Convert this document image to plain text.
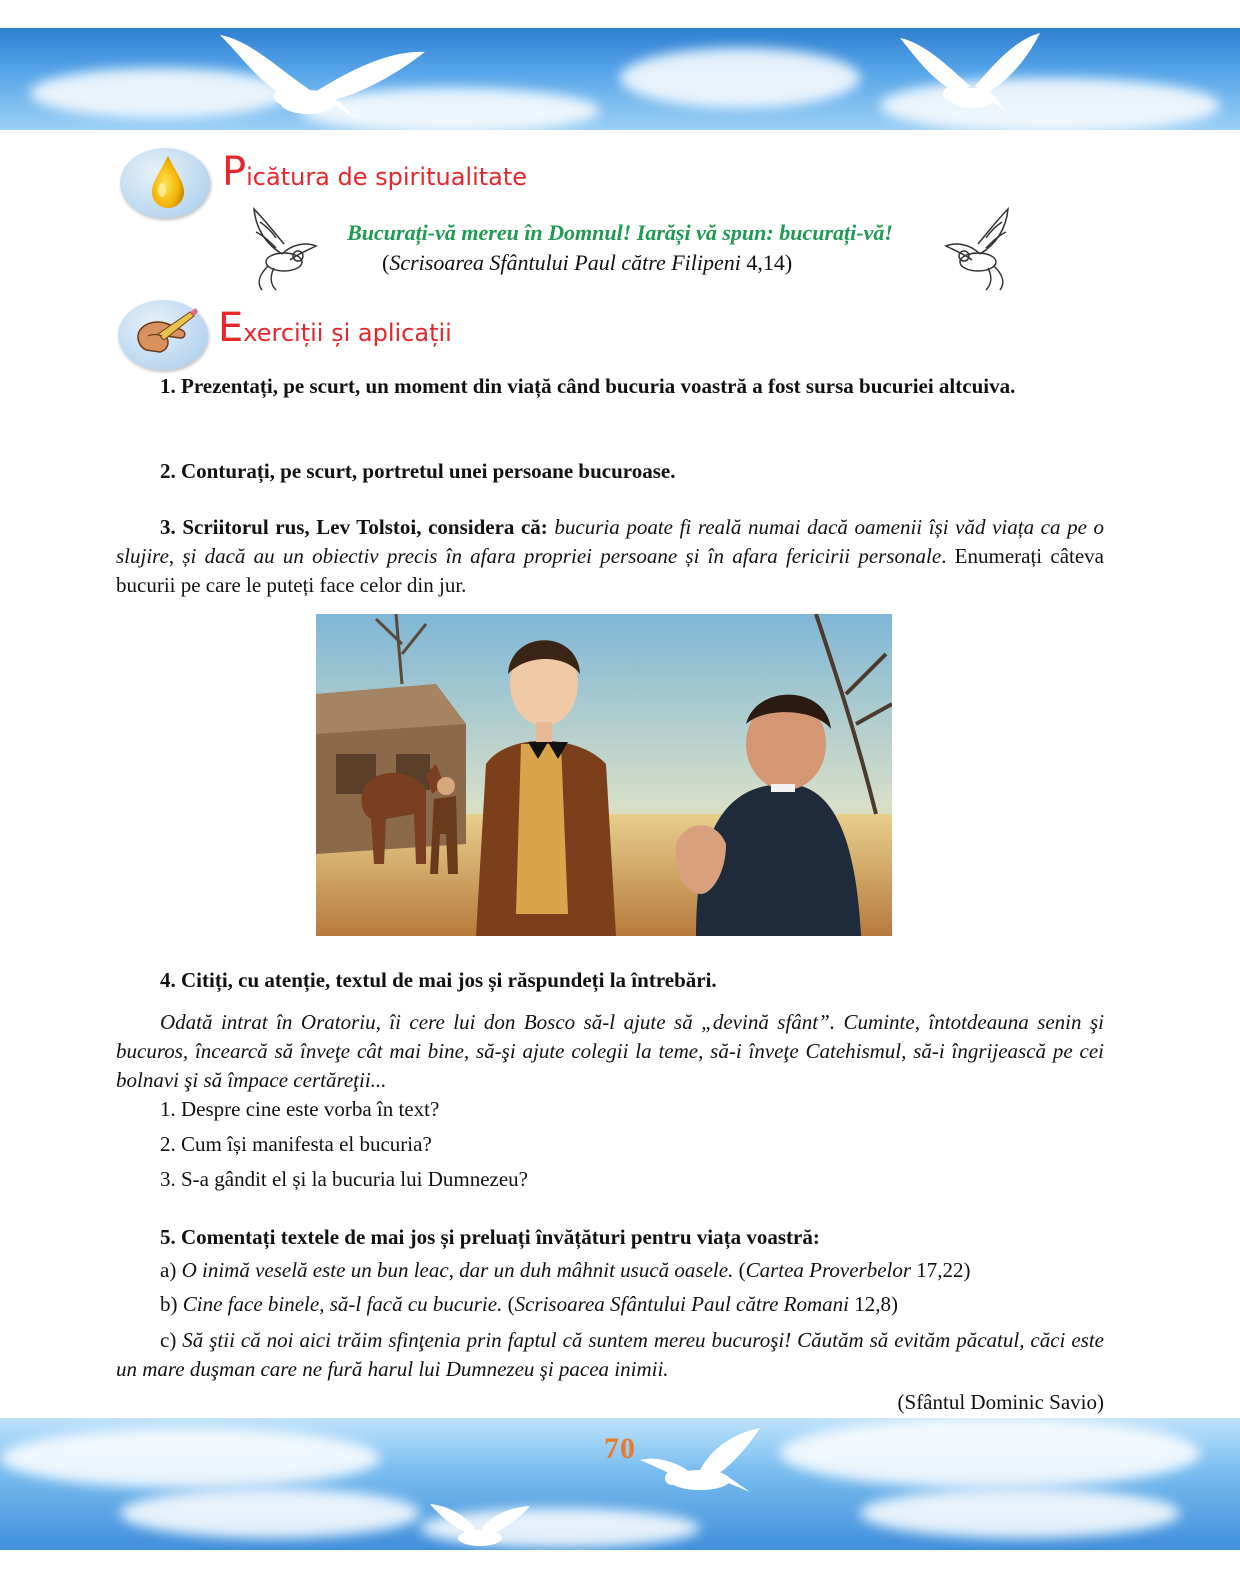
Picătura de spiritualitate
Bucurați-vă mereu în Domnul! Iarăși vă spun: bucurați-vă!
(Scrisoarea Sfântului Paul către Filipeni 4,14)
Exerciții și aplicații
1. Prezentați, pe scurt, un moment din viață când bucuria voastră a fost sursa bucuriei altcuiva.
2. Conturați, pe scurt, portretul unei persoane bucuroase.
3. Scriitorul rus, Lev Tolstoi, considera că: bucuria poate fi reală numai dacă oamenii își văd viața ca pe o slujire, și dacă au un obiectiv precis în afara propriei persoane și în afara fericirii personale. Enumerați câteva bucurii pe care le puteți face celor din jur.
4. Citiți, cu atenție, textul de mai jos și răspundeți la întrebări.
Odată intrat în Oratoriu, îi cere lui don Bosco să-l ajute să „devină sfânt”. Cuminte, întotdeauna senin şi bucuros, încearcă să înveţe cât mai bine, să-şi ajute colegii la teme, să-i înveţe Catehismul, să-i îngrijească pe cei bolnavi şi să împace certăreţii...
1. Despre cine este vorba în text?
2. Cum își manifesta el bucuria?
3. S-a gândit el și la bucuria lui Dumnezeu?
5. Comentați textele de mai jos și preluați învățături pentru viața voastră:
a) O inimă veselă este un bun leac, dar un duh mâhnit usucă oasele. (Cartea Proverbelor 17,22)
b) Cine face binele, să-l facă cu bucurie. (Scrisoarea Sfântului Paul către Romani 12,8)
c) Să ştii că noi aici trăim sfinţenia prin faptul că suntem mereu bucuroşi! Căutăm să evităm păcatul, căci este un mare duşman care ne fură harul lui Dumnezeu şi pacea inimii.
(Sfântul Dominic Savio)
70
